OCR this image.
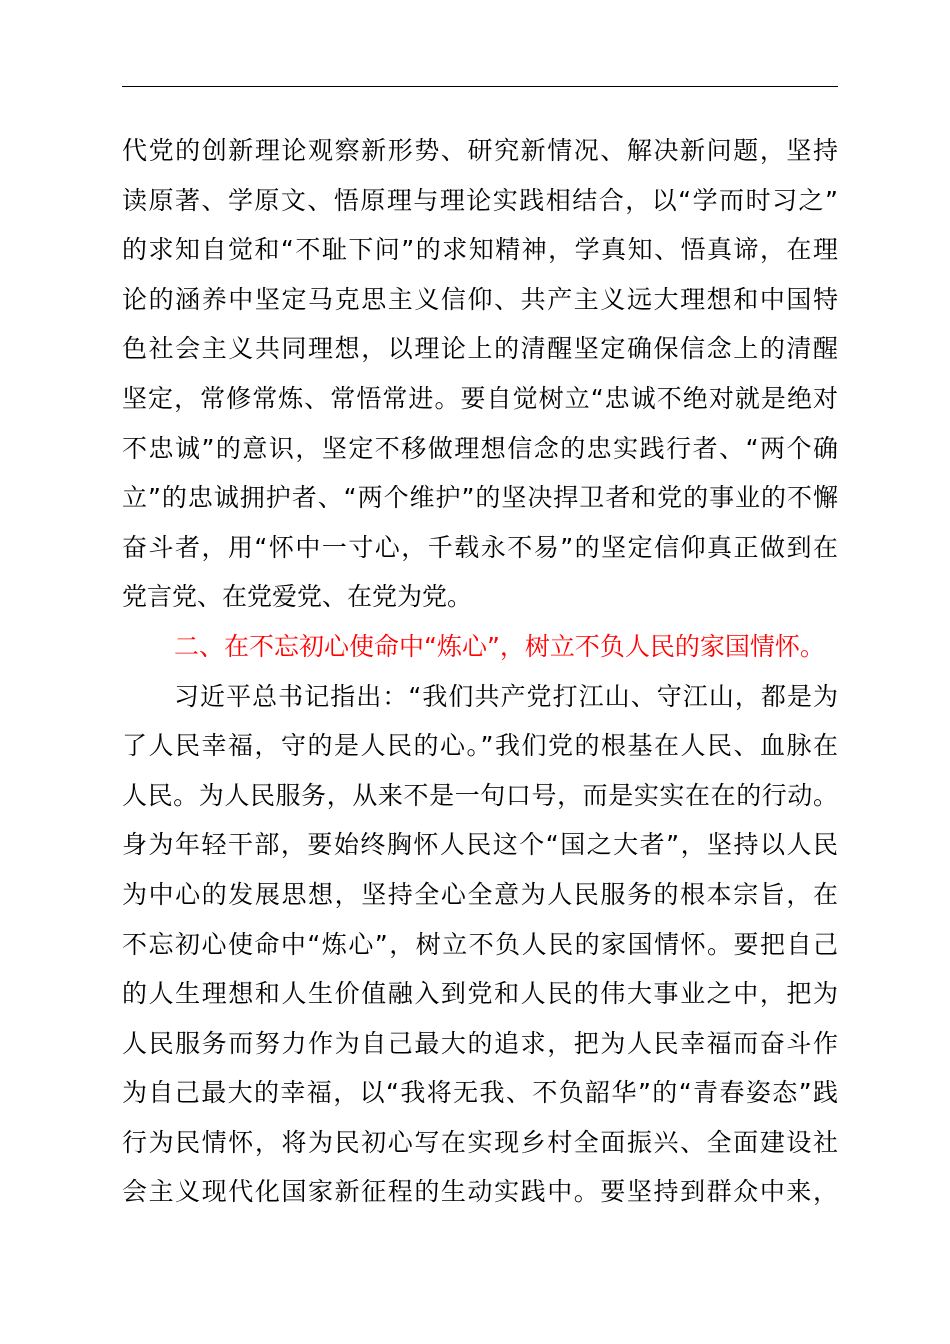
代党的创新理论观察新形势、研究新情况、解决新问题，坚持
读原著、学原文、悟原理与理论实践相结合，以“学而时习之”
的求知自觉和“不耻下问”的求知精神，学真知、悟真谛，在理
论的涵养中坚定马克思主义信仰、共产主义远大理想和中国特
色社会主义共同理想，以理论上的清醒坚定确保信念上的清醒
坚定，常修常炼、常悟常进。要自觉树立“忠诚不绝对就是绝对
不忠诚”的意识，坚定不移做理想信念的忠实践行者、“两个确
立”的忠诚拥护者、“两个维护”的坚决捍卫者和党的事业的不懈
奋斗者，用“怀中一寸心，千载永不易”的坚定信仰真正做到在
党言党、在党爱党、在党为党。
二、在不忘初心使命中“炼心”，树立不负人民的家国情怀。
习近平总书记指出：“我们共产党打江山、守江山，都是为
了人民幸福，守的是人民的心。”我们党的根基在人民、血脉在
人民。为人民服务，从来不是一句口号，而是实实在在的行动。
身为年轻干部，要始终胸怀人民这个“国之大者”，坚持以人民
为中心的发展思想，坚持全心全意为人民服务的根本宗旨，在
不忘初心使命中“炼心”，树立不负人民的家国情怀。要把自己
的人生理想和人生价值融入到党和人民的伟大事业之中，把为
人民服务而努力作为自己最大的追求，把为人民幸福而奋斗作
为自己最大的幸福，以“我将无我、不负韶华”的“青春姿态”践
行为民情怀，将为民初心写在实现乡村全面振兴、全面建设社
会主义现代化国家新征程的生动实践中。要坚持到群众中来，
